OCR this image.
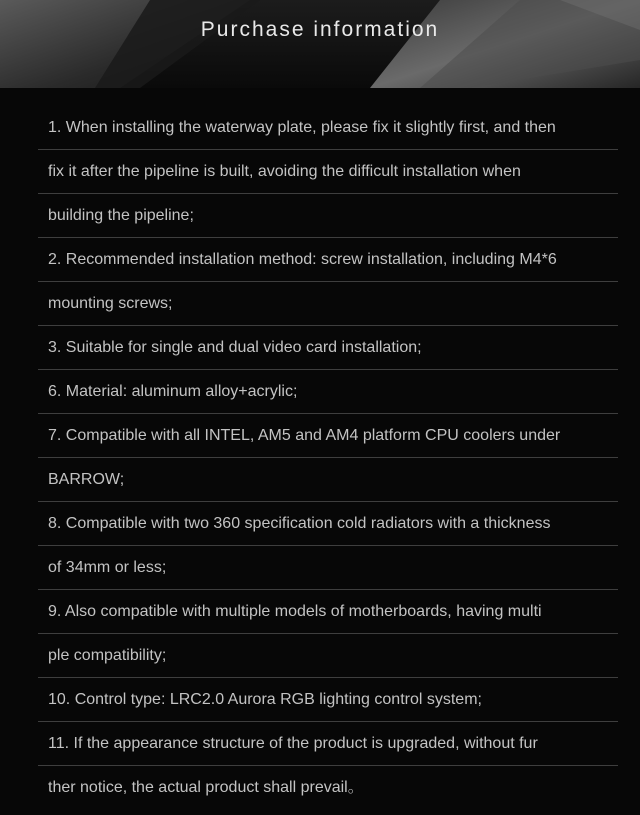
Purchase information
1. When installing the waterway plate, please fix it slightly first, and then
fix it after the pipeline is built, avoiding the difficult installation when
building the pipeline;
2. Recommended installation method: screw installation, including M4*6
mounting screws;
3. Suitable for single and dual video card installation;
6. Material: aluminum alloy+acrylic;
7. Compatible with all INTEL, AM5 and AM4 platform CPU coolers under
BARROW;
8. Compatible with two 360 specification cold radiators with a thickness
of 34mm or less;
9. Also compatible with multiple models of motherboards, having multi
ple compatibility;
10. Control type: LRC2.0 Aurora RGB lighting control system;
11. If the appearance structure of the product is upgraded, without fur
ther notice, the actual product shall prevail。
